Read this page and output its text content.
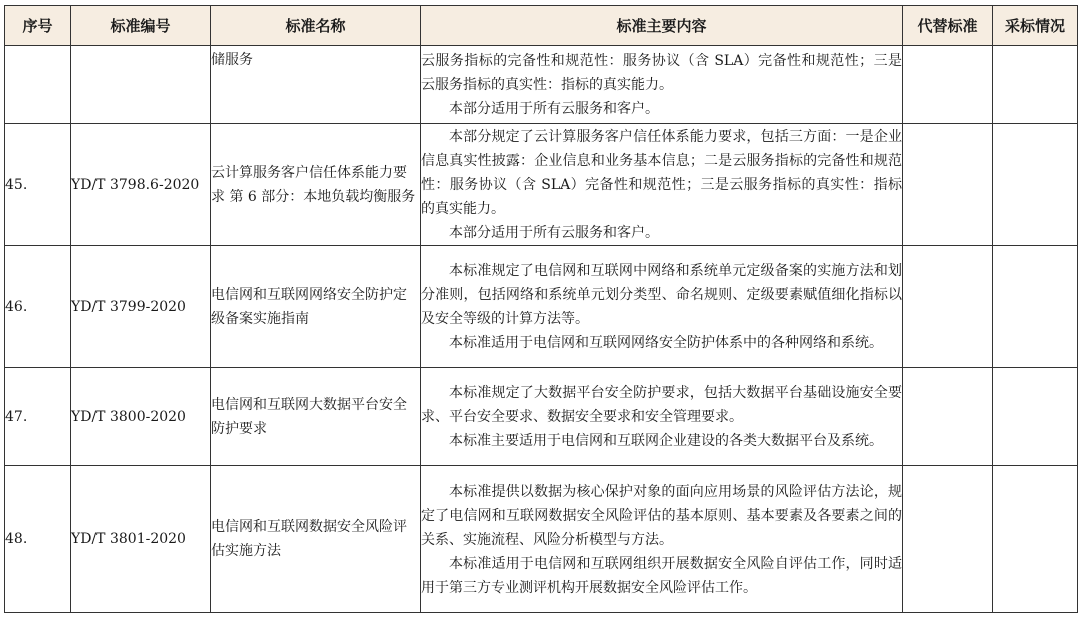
序号	标准编号	标准名称	标准主要内容	代替标准	采标情况
		储服务	云服务指标的完备性和规范性：服务协议（含 SLA）完备性和规范性；三是云服务指标的真实性：指标的真实能力。

本部分适用于所有云服务和客户。		

45.	YD/T 3798.6-2020	云计算服务客户信任体系能力要求 第 6 部分：本地负载均衡服务	本部分规定了云计算服务客户信任体系能力要求，包括三方面：一是企业信息真实性披露：企业信息和业务基本信息；二是云服务指标的完备性和规范性：服务协议（含 SLA）完备性和规范性；三是云服务指标的真实性：指标的真实能力。

本部分适用于所有云服务和客户。		

46.	YD/T 3799-2020	电信网和互联网网络安全防护定级备案实施指南	本标准规定了电信网和互联网中网络和系统单元定级备案的实施方法和划分准则，包括网络和系统单元划分类型、命名规则、定级要素赋值细化指标以及安全等级的计算方法等。

本标准适用于电信网和互联网网络安全防护体系中的各种网络和系统。		

47.	YD/T 3800-2020	电信网和互联网大数据平台安全防护要求	本标准规定了大数据平台安全防护要求，包括大数据平台基础设施安全要求、平台安全要求、数据安全要求和安全管理要求。

本标准主要适用于电信网和互联网企业建设的各类大数据平台及系统。		

48.	YD/T 3801-2020	电信网和互联网数据安全风险评估实施方法	本标准提供以数据为核心保护对象的面向应用场景的风险评估方法论，规定了电信网和互联网数据安全风险评估的基本原则、基本要素及各要素之间的关系、实施流程、风险分析模型与方法。

本标准适用于电信网和互联网组织开展数据安全风险自评估工作，同时适用于第三方专业测评机构开展数据安全风险评估工作。		
